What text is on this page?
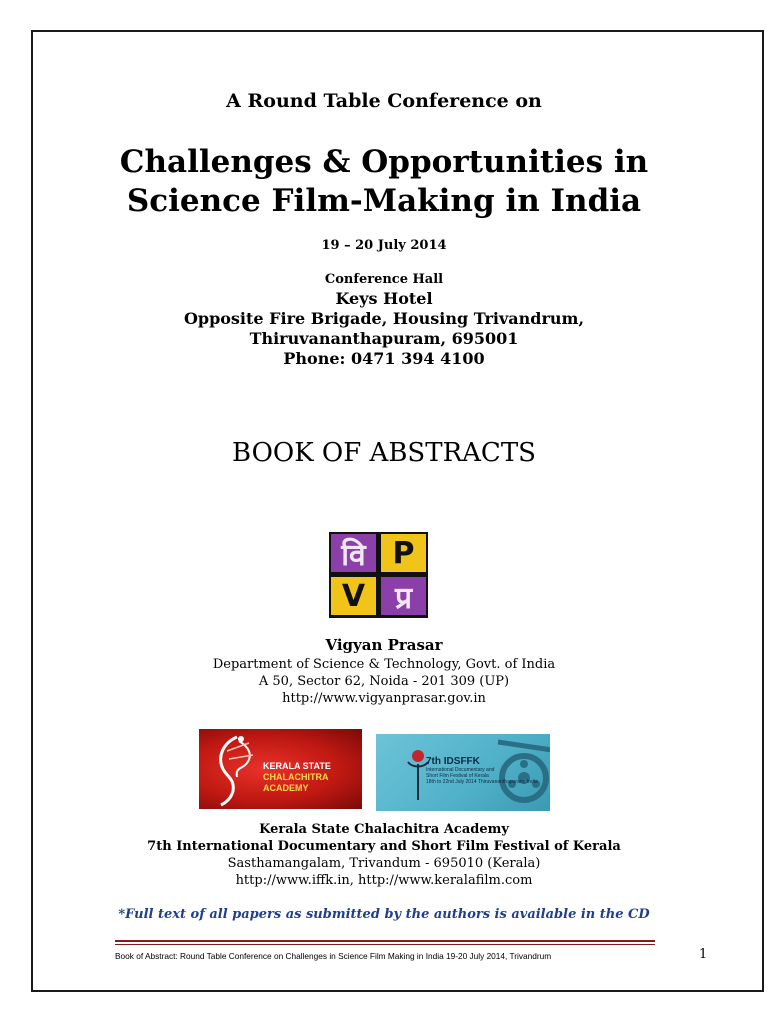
A Round Table Conference on
Challenges & Opportunities in
Science Film-Making in India
19 – 20 July 2014
Conference Hall
Keys Hotel
Opposite Fire Brigade, Housing Trivandrum,
Thiruvananthapuram, 695001
Phone: 0471 394 4100
BOOK OF ABSTRACTS
वि P
V प्र
Vigyan Prasar
Department of Science & Technology, Govt. of India
A 50, Sector 62, Noida - 201 309 (UP)
http://www.vigyanprasar.gov.in
KERALA STATE
CHALACHITRA
ACADEMY
7th IDSFFK
International Documentary and
Short Film Festival of Kerala
18th to 22nd July 2014 Thiruvananthapuram, India
Kerala State Chalachitra Academy
7th International Documentary and Short Film Festival of Kerala
Sasthamangalam, Trivandum - 695010 (Kerala)
http://www.iffk.in, http://www.keralafilm.com
*Full text of all papers as submitted by the authors is available in the CD
Book of Abstract: Round Table Conference on Challenges in Science Film Making in India 19-20 July 2014, Trivandrum	1
